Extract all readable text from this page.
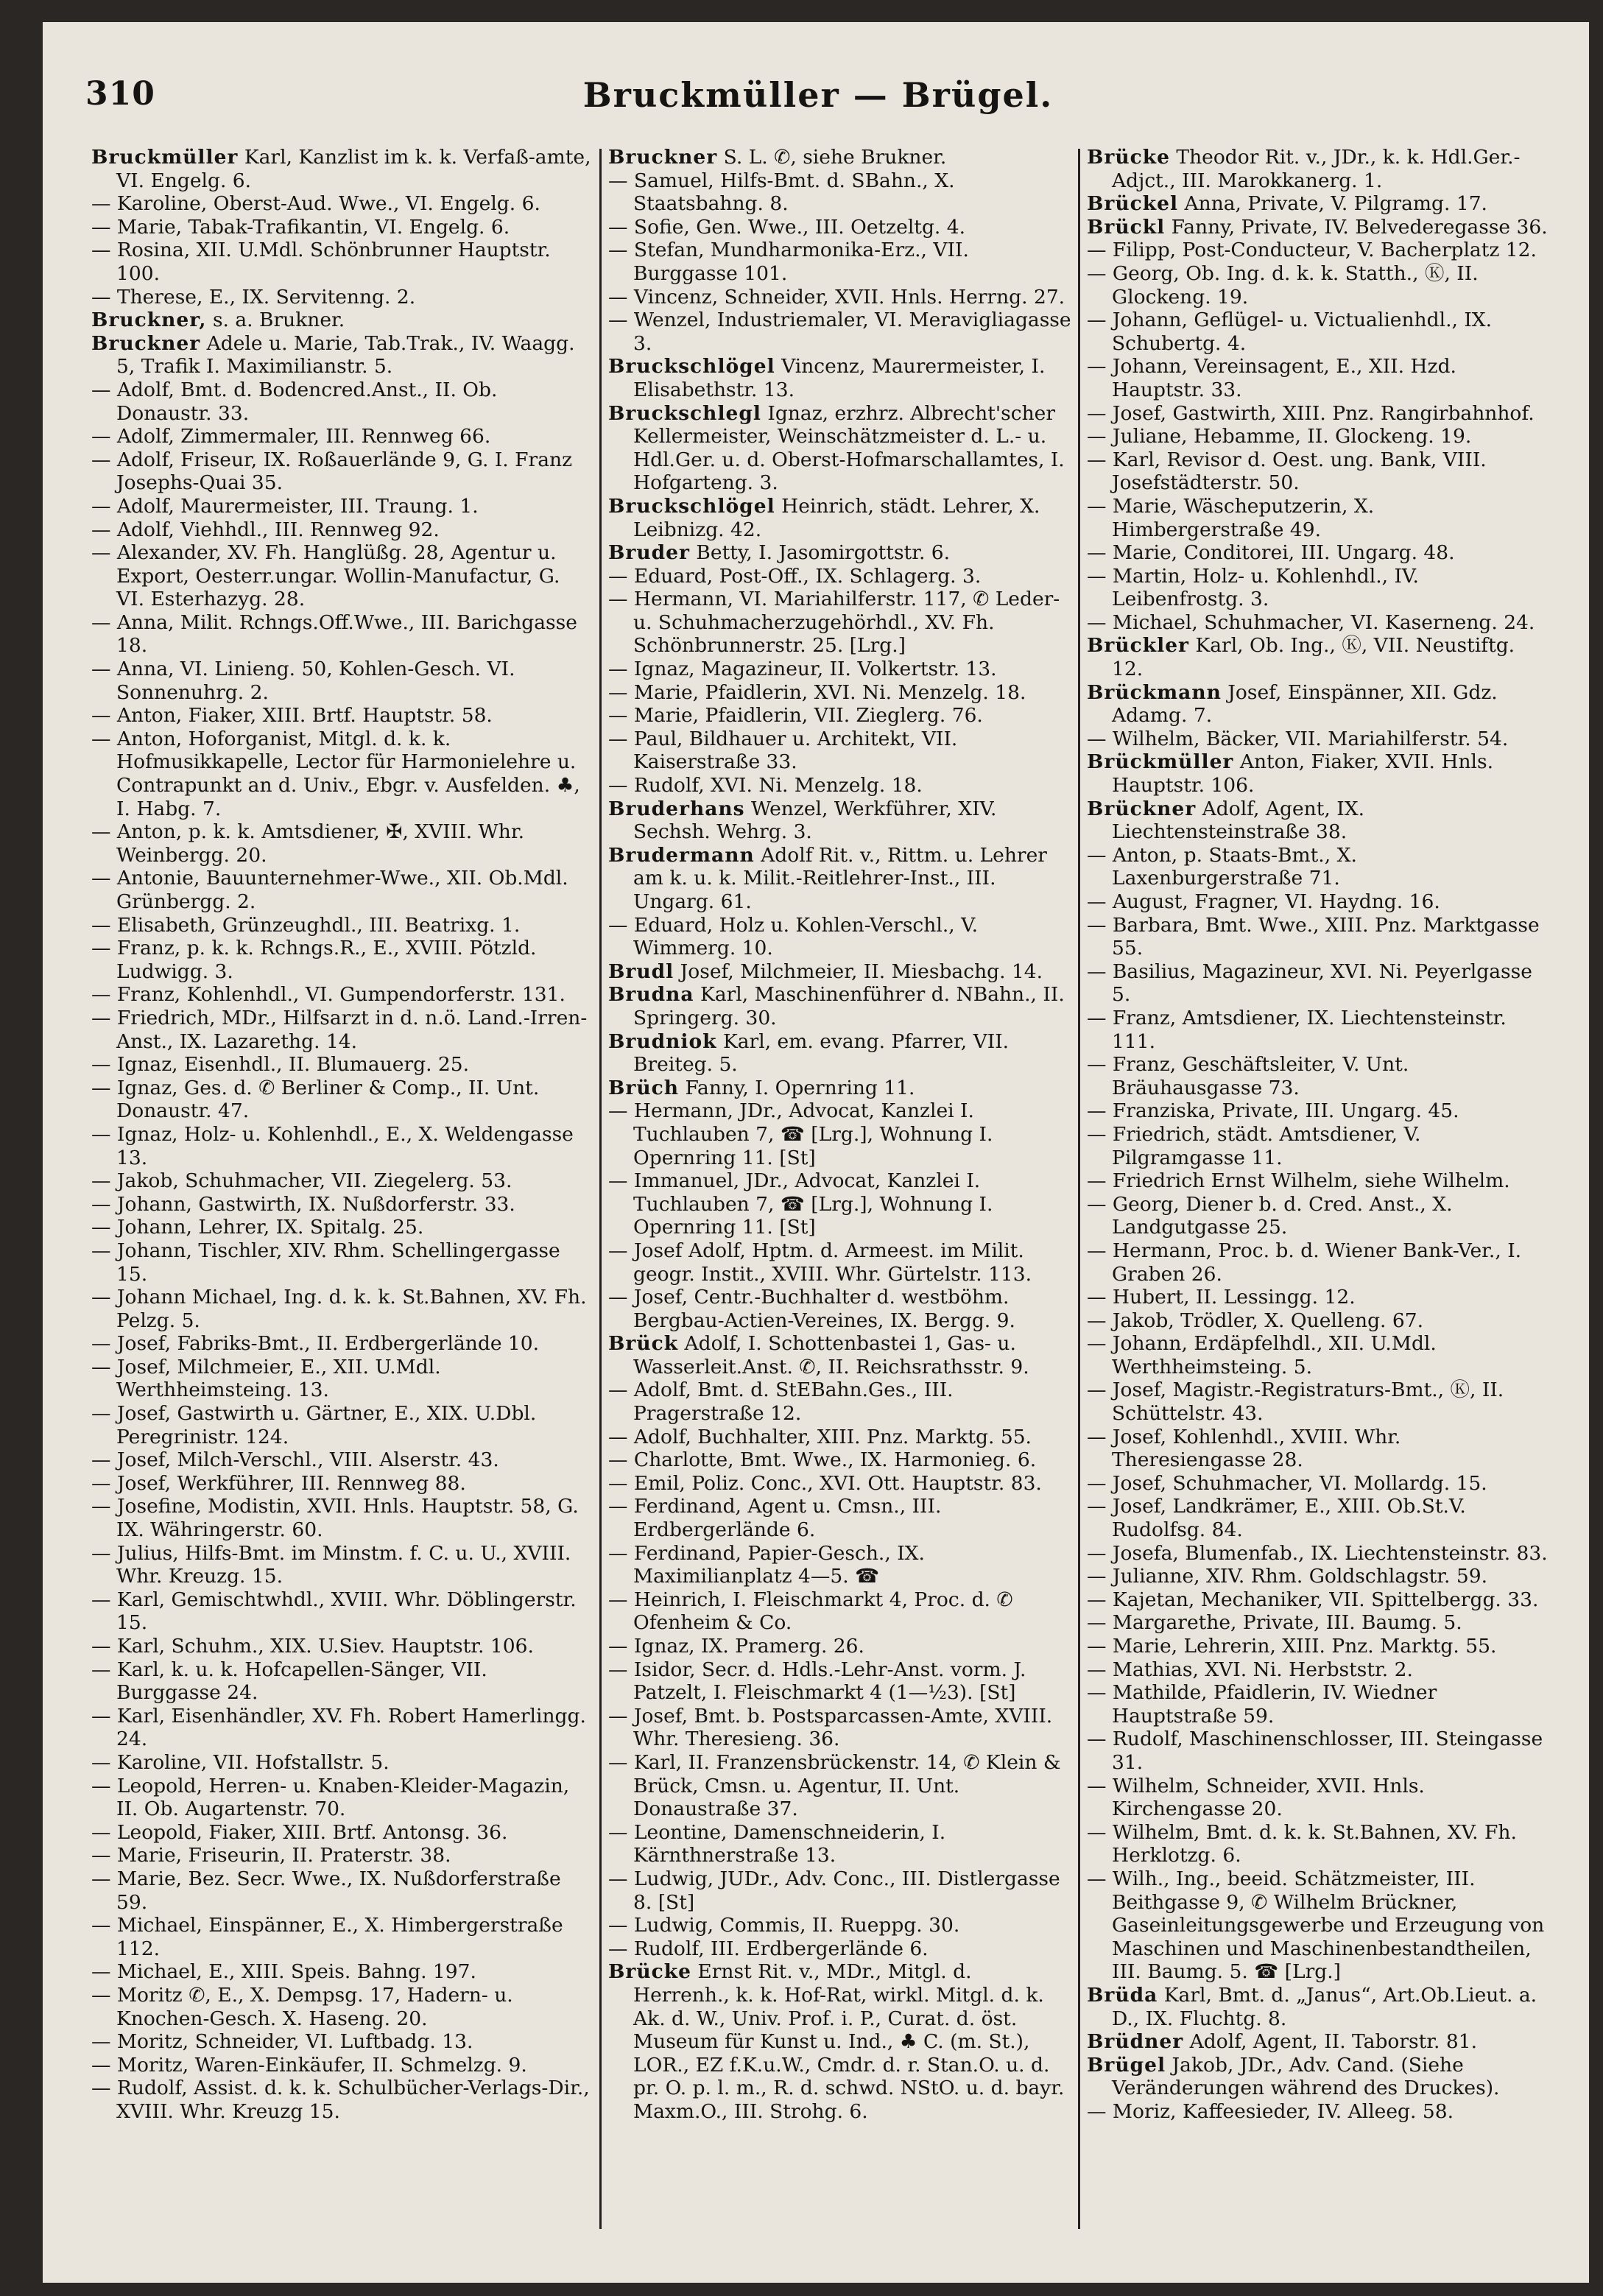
310	Bruckmüller — Brügel.

Bruckmüller Karl, Kanzlist im k. k. Verfaß-amte, VI. Engelg. 6.

— Karoline, Oberst-Aud. Wwe., VI. Engelg. 6.

— Marie, Tabak-Trafikantin, VI. Engelg. 6.

— Rosina, XII. U.Mdl. Schönbrunner Hauptstr. 100.

— Therese, E., IX. Servitenng. 2.

Bruckner, s. a. Brukner.

Bruckner Adele u. Marie, Tab.Trak., IV. Waagg. 5, Trafik I. Maximilianstr. 5.

— Adolf, Bmt. d. Bodencred.Anst., II. Ob. Donaustr. 33.

— Adolf, Zimmermaler, III. Rennweg 66.

— Adolf, Friseur, IX. Roßauerlände 9, G. I. Franz Josephs-Quai 35.

— Adolf, Maurermeister, III. Traung. 1.

— Adolf, Viehhdl., III. Rennweg 92.

— Alexander, XV. Fh. Hanglüßg. 28, Agentur u. Export, Oesterr.ungar. Wollin-Manufactur, G. VI. Esterhazyg. 28.

— Anna, Milit. Rchngs.Off.Wwe., III. Barichgasse 18.

— Anna, VI. Linieng. 50, Kohlen-Gesch. VI. Sonnenuhrg. 2.

— Anton, Fiaker, XIII. Brtf. Hauptstr. 58.

— Anton, Hoforganist, Mitgl. d. k. k. Hofmusikkapelle, Lector für Harmonielehre u. Contrapunkt an d. Univ., Ebgr. v. Ausfelden. ♣, I. Habg. 7.

— Anton, p. k. k. Amtsdiener, ✠, XVIII. Whr. Weinbergg. 20.

— Antonie, Bauunternehmer-Wwe., XII. Ob.Mdl. Grünbergg. 2.

— Elisabeth, Grünzeughdl., III. Beatrixg. 1.

— Franz, p. k. k. Rchngs.R., E., XVIII. Pötzld. Ludwigg. 3.

— Franz, Kohlenhdl., VI. Gumpendorferstr. 131.

— Friedrich, MDr., Hilfsarzt in d. n.ö. Land.-Irren-Anst., IX. Lazarethg. 14.

— Ignaz, Eisenhdl., II. Blumauerg. 25.

— Ignaz, Ges. d. ✆ Berliner & Comp., II. Unt. Donaustr. 47.

— Ignaz, Holz- u. Kohlenhdl., E., X. Weldengasse 13.

— Jakob, Schuhmacher, VII. Ziegelerg. 53.

— Johann, Gastwirth, IX. Nußdorferstr. 33.

— Johann, Lehrer, IX. Spitalg. 25.

— Johann, Tischler, XIV. Rhm. Schellingergasse 15.

— Johann Michael, Ing. d. k. k. St.Bahnen, XV. Fh. Pelzg. 5.

— Josef, Fabriks-Bmt., II. Erdbergerlände 10.

— Josef, Milchmeier, E., XII. U.Mdl. Werthheimsteing. 13.

— Josef, Gastwirth u. Gärtner, E., XIX. U.Dbl. Peregrinistr. 124.

— Josef, Milch-Verschl., VIII. Alserstr. 43.

— Josef, Werkführer, III. Rennweg 88.

— Josefine, Modistin, XVII. Hnls. Hauptstr. 58, G. IX. Währingerstr. 60.

— Julius, Hilfs-Bmt. im Minstm. f. C. u. U., XVIII. Whr. Kreuzg. 15.

— Karl, Gemischtwhdl., XVIII. Whr. Döblingerstr. 15.

— Karl, Schuhm., XIX. U.Siev. Hauptstr. 106.

— Karl, k. u. k. Hofcapellen-Sänger, VII. Burggasse 24.

— Karl, Eisenhändler, XV. Fh. Robert Hamerlingg. 24.

— Karoline, VII. Hofstallstr. 5.

— Leopold, Herren- u. Knaben-Kleider-Magazin, II. Ob. Augartenstr. 70.

— Leopold, Fiaker, XIII. Brtf. Antonsg. 36.

— Marie, Friseurin, II. Praterstr. 38.

— Marie, Bez. Secr. Wwe., IX. Nußdorferstraße 59.

— Michael, Einspänner, E., X. Himbergerstraße 112.

— Michael, E., XIII. Speis. Bahng. 197.

— Moritz ✆, E., X. Dempsg. 17, Hadern- u. Knochen-Gesch. X. Haseng. 20.

— Moritz, Schneider, VI. Luftbadg. 13.

— Moritz, Waren-Einkäufer, II. Schmelzg. 9.

— Rudolf, Assist. d. k. k. Schulbücher-Verlags-Dir., XVIII. Whr. Kreuzg 15.

Bruckner S. L. ✆, siehe Brukner.

— Samuel, Hilfs-Bmt. d. SBahn., X. Staatsbahng. 8.

— Sofie, Gen. Wwe., III. Oetzeltg. 4.

— Stefan, Mundharmonika-Erz., VII. Burggasse 101.

— Vincenz, Schneider, XVII. Hnls. Herrng. 27.

— Wenzel, Industriemaler, VI. Meravigliagasse 3.

Bruckschlögel Vincenz, Maurermeister, I. Elisabethstr. 13.

Bruckschlegl Ignaz, erzhrz. Albrecht'scher Kellermeister, Weinschätzmeister d. L.- u. Hdl.Ger. u. d. Oberst-Hofmarschallamtes, I. Hofgarteng. 3.

Bruckschlögel Heinrich, städt. Lehrer, X. Leibnizg. 42.

Bruder Betty, I. Jasomirgottstr. 6.

— Eduard, Post-Off., IX. Schlagerg. 3.

— Hermann, VI. Mariahilferstr. 117, ✆ Leder- u. Schuhmacherzugehörhdl., XV. Fh. Schönbrunnerstr. 25. [Lrg.]

— Ignaz, Magazineur, II. Volkertstr. 13.

— Marie, Pfaidlerin, XVI. Ni. Menzelg. 18.

— Marie, Pfaidlerin, VII. Zieglerg. 76.

— Paul, Bildhauer u. Architekt, VII. Kaiserstraße 33.

— Rudolf, XVI. Ni. Menzelg. 18.

Bruderhans Wenzel, Werkführer, XIV. Sechsh. Wehrg. 3.

Brudermann Adolf Rit. v., Rittm. u. Lehrer am k. u. k. Milit.-Reitlehrer-Inst., III. Ungarg. 61.

— Eduard, Holz u. Kohlen-Verschl., V. Wimmerg. 10.

Brudl Josef, Milchmeier, II. Miesbachg. 14.

Brudna Karl, Maschinenführer d. NBahn., II. Springerg. 30.

Brudniok Karl, em. evang. Pfarrer, VII. Breiteg. 5.

Brüch Fanny, I. Opernring 11.

— Hermann, JDr., Advocat, Kanzlei I. Tuchlauben 7, ☎ [Lrg.], Wohnung I. Opernring 11. [St]

— Immanuel, JDr., Advocat, Kanzlei I. Tuchlauben 7, ☎ [Lrg.], Wohnung I. Opernring 11. [St]

— Josef Adolf, Hptm. d. Armeest. im Milit. geogr. Instit., XVIII. Whr. Gürtelstr. 113.

— Josef, Centr.-Buchhalter d. westböhm. Bergbau-Actien-Vereines, IX. Bergg. 9.

Brück Adolf, I. Schottenbastei 1, Gas- u. Wasserleit.Anst. ✆, II. Reichsrathsstr. 9.

— Adolf, Bmt. d. StEBahn.Ges., III. Pragerstraße 12.

— Adolf, Buchhalter, XIII. Pnz. Marktg. 55.

— Charlotte, Bmt. Wwe., IX. Harmonieg. 6.

— Emil, Poliz. Conc., XVI. Ott. Hauptstr. 83.

— Ferdinand, Agent u. Cmsn., III. Erdbergerlände 6.

— Ferdinand, Papier-Gesch., IX. Maximilianplatz 4—5. ☎

— Heinrich, I. Fleischmarkt 4, Proc. d. ✆ Ofenheim & Co.

— Ignaz, IX. Pramerg. 26.

— Isidor, Secr. d. Hdls.-Lehr-Anst. vorm. J. Patzelt, I. Fleischmarkt 4 (1—½3). [St]

— Josef, Bmt. b. Postsparcassen-Amte, XVIII. Whr. Theresieng. 36.

— Karl, II. Franzensbrückenstr. 14, ✆ Klein & Brück, Cmsn. u. Agentur, II. Unt. Donaustraße 37.

— Leontine, Damenschneiderin, I. Kärnthnerstraße 13.

— Ludwig, JUDr., Adv. Conc., III. Distlergasse 8. [St]

— Ludwig, Commis, II. Rueppg. 30.

— Rudolf, III. Erdbergerlände 6.

Brücke Ernst Rit. v., MDr., Mitgl. d. Herrenh., k. k. Hof-Rat, wirkl. Mitgl. d. k. Ak. d. W., Univ. Prof. i. P., Curat. d. öst. Museum für Kunst u. Ind., ♣ C. (m. St.), LOR., EZ f.K.u.W., Cmdr. d. r. Stan.O. u. d. pr. O. p. l. m., R. d. schwd. NStO. u. d. bayr. Maxm.O., III. Strohg. 6.

Brücke Theodor Rit. v., JDr., k. k. Hdl.Ger.-Adjct., III. Marokkanerg. 1.

Brückel Anna, Private, V. Pilgramg. 17.

Brückl Fanny, Private, IV. Belvederegasse 36.

— Filipp, Post-Conducteur, V. Bacherplatz 12.

— Georg, Ob. Ing. d. k. k. Statth., Ⓚ, II. Glockeng. 19.

— Johann, Geflügel- u. Victualienhdl., IX. Schubertg. 4.

— Johann, Vereinsagent, E., XII. Hzd. Hauptstr. 33.

— Josef, Gastwirth, XIII. Pnz. Rangirbahnhof.

— Juliane, Hebamme, II. Glockeng. 19.

— Karl, Revisor d. Oest. ung. Bank, VIII. Josefstädterstr. 50.

— Marie, Wäscheputzerin, X. Himbergerstraße 49.

— Marie, Conditorei, III. Ungarg. 48.

— Martin, Holz- u. Kohlenhdl., IV. Leibenfrostg. 3.

— Michael, Schuhmacher, VI. Kaserneng. 24.

Brückler Karl, Ob. Ing., Ⓚ, VII. Neustiftg. 12.

Brückmann Josef, Einspänner, XII. Gdz. Adamg. 7.

— Wilhelm, Bäcker, VII. Mariahilferstr. 54.

Brückmüller Anton, Fiaker, XVII. Hnls. Hauptstr. 106.

Brückner Adolf, Agent, IX. Liechtensteinstraße 38.

— Anton, p. Staats-Bmt., X. Laxenburgerstraße 71.

— August, Fragner, VI. Haydng. 16.

— Barbara, Bmt. Wwe., XIII. Pnz. Marktgasse 55.

— Basilius, Magazineur, XVI. Ni. Peyerlgasse 5.

— Franz, Amtsdiener, IX. Liechtensteinstr. 111.

— Franz, Geschäftsleiter, V. Unt. Bräuhausgasse 73.

— Franziska, Private, III. Ungarg. 45.

— Friedrich, städt. Amtsdiener, V. Pilgramgasse 11.

— Friedrich Ernst Wilhelm, siehe Wilhelm.

— Georg, Diener b. d. Cred. Anst., X. Landgutgasse 25.

— Hermann, Proc. b. d. Wiener Bank-Ver., I. Graben 26.

— Hubert, II. Lessingg. 12.

— Jakob, Trödler, X. Quelleng. 67.

— Johann, Erdäpfelhdl., XII. U.Mdl. Werthheimsteing. 5.

— Josef, Magistr.-Registraturs-Bmt., Ⓚ, II. Schüttelstr. 43.

— Josef, Kohlenhdl., XVIII. Whr. Theresiengasse 28.

— Josef, Schuhmacher, VI. Mollardg. 15.

— Josef, Landkrämer, E., XIII. Ob.St.V. Rudolfsg. 84.

— Josefa, Blumenfab., IX. Liechtensteinstr. 83.

— Julianne, XIV. Rhm. Goldschlagstr. 59.

— Kajetan, Mechaniker, VII. Spittelbergg. 33.

— Margarethe, Private, III. Baumg. 5.

— Marie, Lehrerin, XIII. Pnz. Marktg. 55.

— Mathias, XVI. Ni. Herbststr. 2.

— Mathilde, Pfaidlerin, IV. Wiedner Hauptstraße 59.

— Rudolf, Maschinenschlosser, III. Steingasse 31.

— Wilhelm, Schneider, XVII. Hnls. Kirchengasse 20.

— Wilhelm, Bmt. d. k. k. St.Bahnen, XV. Fh. Herklotzg. 6.

— Wilh., Ing., beeid. Schätzmeister, III. Beithgasse 9, ✆ Wilhelm Brückner, Gaseinleitungsgewerbe und Erzeugung von Maschinen und Maschinenbestandtheilen, III. Baumg. 5. ☎ [Lrg.]

Brüda Karl, Bmt. d. „Janus“, Art.Ob.Lieut. a. D., IX. Fluchtg. 8.

Brüdner Adolf, Agent, II. Taborstr. 81.

Brügel Jakob, JDr., Adv. Cand. (Siehe Veränderungen während des Druckes).

— Moriz, Kaffeesieder, IV. Alleeg. 58.
